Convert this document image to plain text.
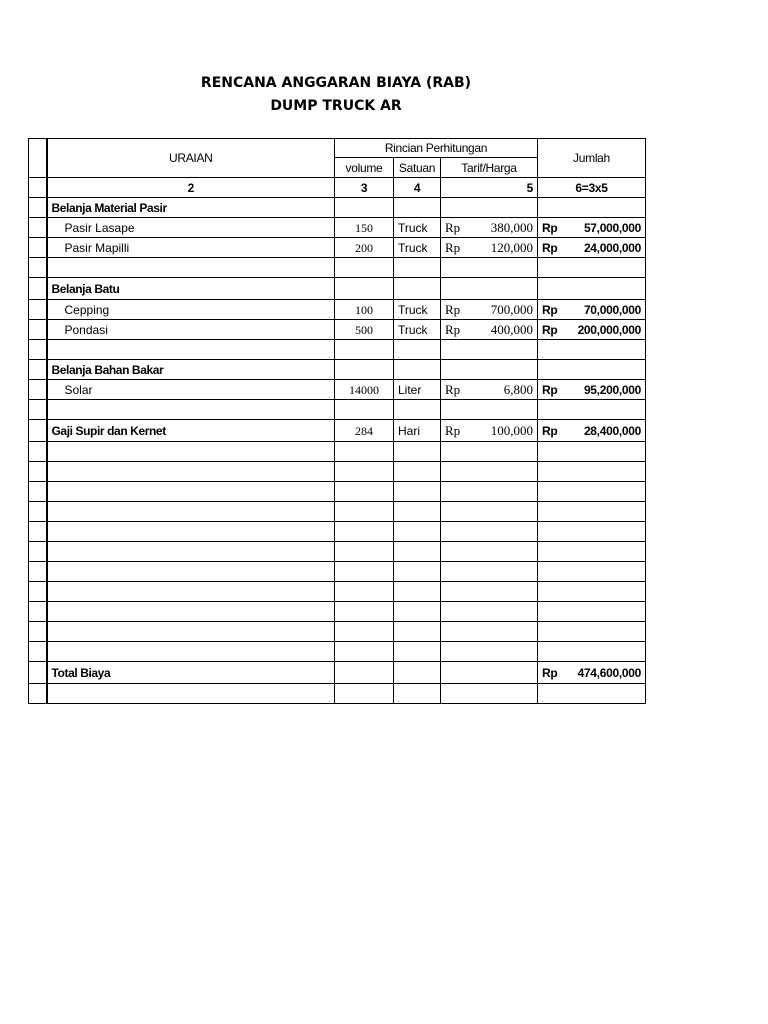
RENCANA ANGGARAN BIAYA (RAB)
DUMP TRUCK AR
	URAIAN	Rincian Perhitungan			Jumlah
		volume	Satuan	Tarif/Harga	
	2	3	4	5	6=3x5
	Belanja Material Pasir				
	Pasir Lasape	150	Truck	Rp 380,000	Rp 57,000,000

	Pasir Mapilli	200	Truck	Rp 120,000	Rp 24,000,000

	Belanja Batu				
	Cepping	100	Truck	Rp 700,000	Rp 70,000,000

	Pondasi	500	Truck	Rp 400,000	Rp 200,000,000

	Belanja Bahan Bakar				
	Solar	14000	Liter	Rp 6,800	Rp 95,200,000

	Gaji Supir dan Kernet	284	Hari	Rp 100,000	Rp 28,400,000

	Total Biaya				Rp 474,600,000
